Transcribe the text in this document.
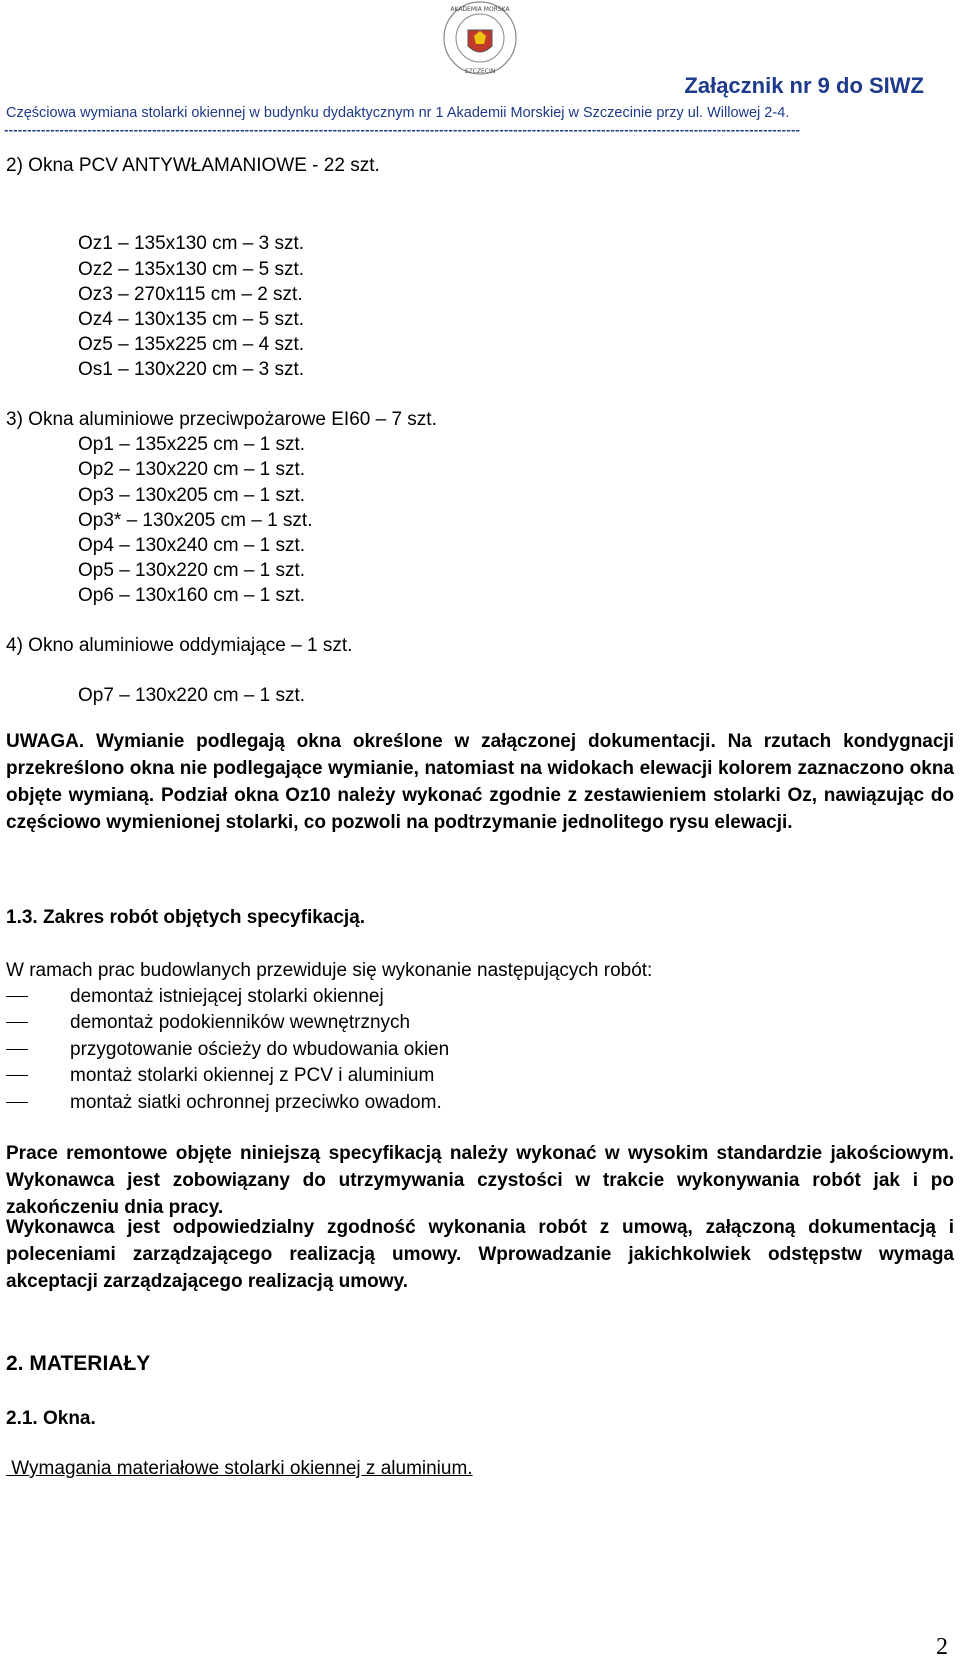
AKADEMIA MORSKA
SZCZECIN
Załącznik nr 9 do SIWZ
Częściowa wymiana stolarki okiennej w budynku dydaktycznym nr 1 Akademii Morskiej w Szczecinie przy ul. Willowej 2-4.
----------------------------------------------------------------------------------------------------------------------------------------------------------------------------
2) Okna PCV ANTYWŁAMANIOWE - 22 szt.
Oz1 – 135x130 cm – 3 szt.
Oz2 – 135x130 cm – 5 szt.
Oz3 – 270x115 cm – 2 szt.
Oz4 – 130x135 cm – 5 szt.
Oz5 – 135x225 cm – 4 szt.
Os1 – 130x220 cm – 3 szt.
3) Okna aluminiowe przeciwpożarowe EI60 – 7 szt.
Op1 – 135x225 cm – 1 szt.
Op2 – 130x220 cm – 1 szt.
Op3 – 130x205 cm – 1 szt.
Op3* – 130x205 cm – 1 szt.
Op4 – 130x240 cm – 1 szt.
Op5 – 130x220 cm – 1 szt.
Op6 – 130x160 cm – 1 szt.
4) Okno aluminiowe oddymiające – 1 szt.
Op7 – 130x220 cm – 1 szt.
UWAGA. Wymianie podlegają okna określone w załączonej dokumentacji. Na rzutach kondygnacji przekreślono okna nie podlegające wymianie, natomiast na widokach elewacji kolorem zaznaczono okna objęte wymianą. Podział okna Oz10 należy wykonać zgodnie z zestawieniem stolarki Oz, nawiązując do częściowo wymienionej stolarki, co pozwoli na podtrzymanie jednolitego rysu elewacji.
1.3. Zakres robót objętych specyfikacją.
W ramach prac budowlanych przewiduje się wykonanie następujących robót:
demontaż istniejącej stolarki okiennej
demontaż podokienników wewnętrznych
przygotowanie ościeży do wbudowania okien
montaż stolarki okiennej z PCV i aluminium
montaż siatki ochronnej przeciwko owadom.
Prace remontowe objęte niniejszą specyfikacją należy wykonać w wysokim standardzie jakościowym. Wykonawca jest zobowiązany do utrzymywania czystości w trakcie wykonywania robót jak i po zakończeniu dnia pracy.
Wykonawca jest odpowiedzialny zgodność wykonania robót z umową, załączoną dokumentacją i poleceniami zarządzającego realizacją umowy. Wprowadzanie jakichkolwiek odstępstw wymaga akceptacji zarządzającego realizacją umowy.
2. MATERIAŁY
2.1. Okna.
Wymagania materiałowe stolarki okiennej z aluminium.
2
